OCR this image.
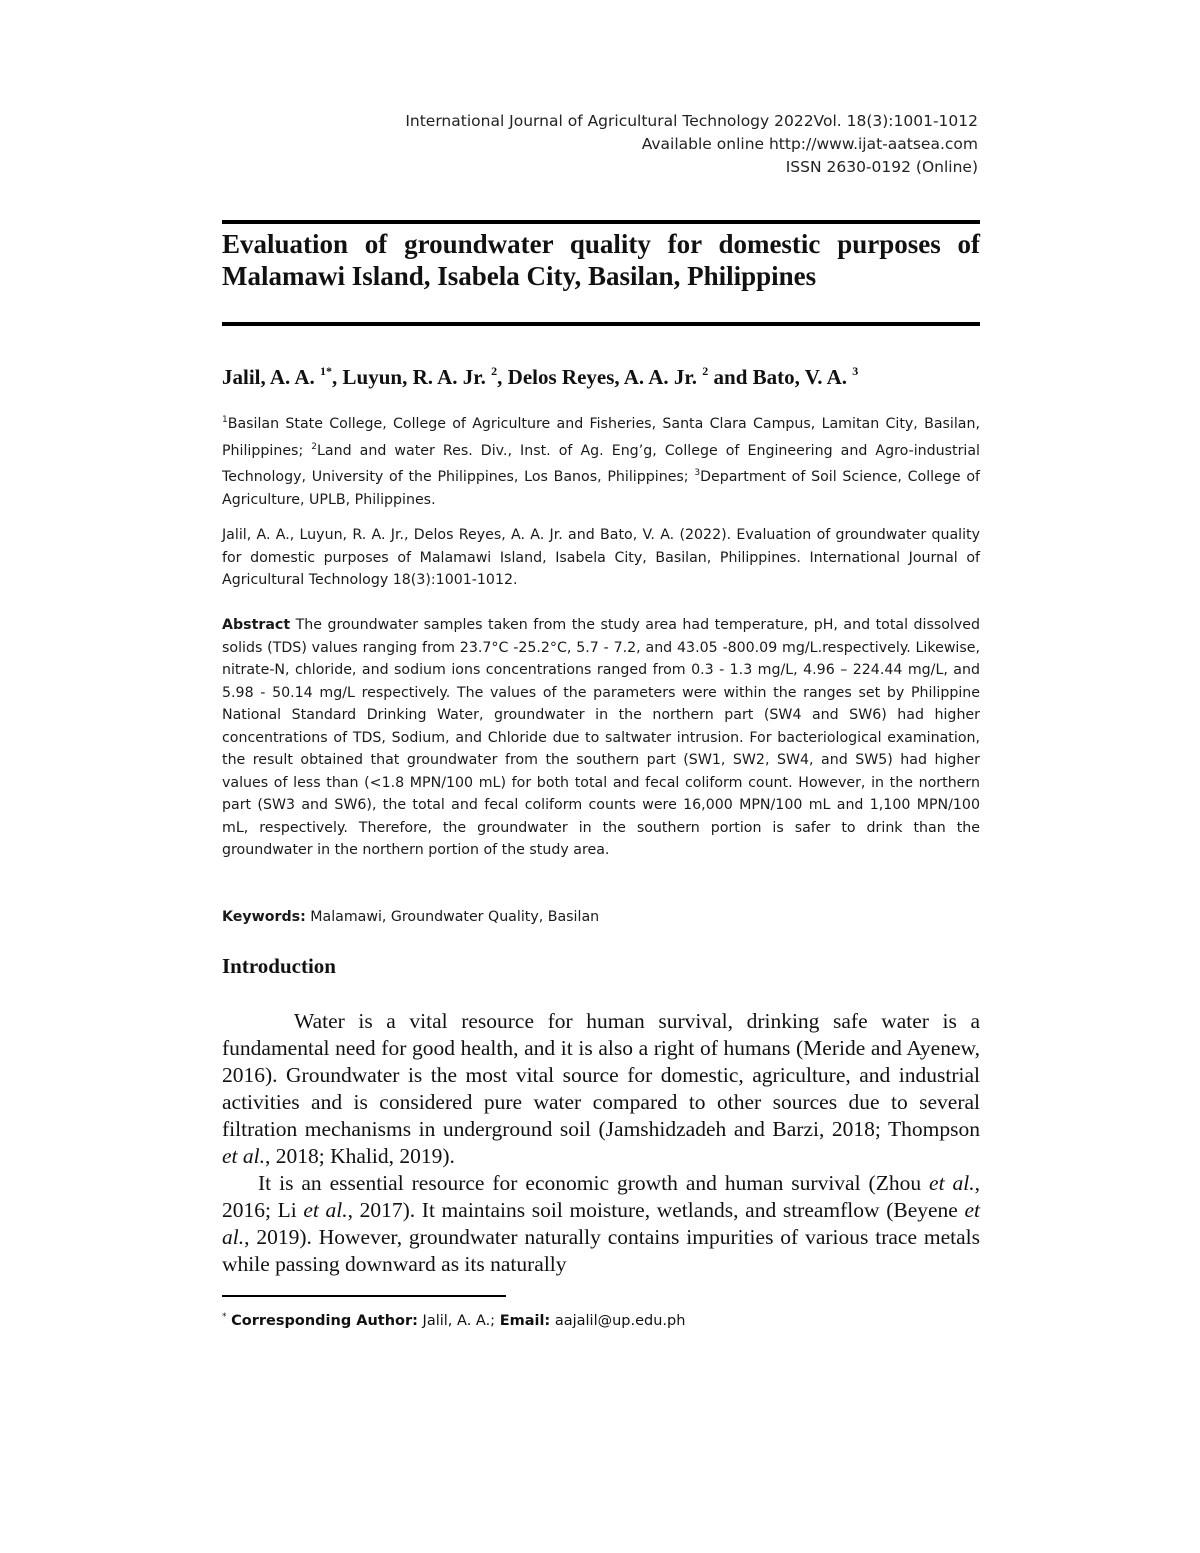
International Journal of Agricultural Technology 2022Vol. 18(3):1001-1012
Available online http://www.ijat-aatsea.com
ISSN 2630-0192 (Online)
Evaluation of groundwater quality for domestic purposes of Malamawi Island, Isabela City, Basilan, Philippines

Jalil, A. A. $^{1*}$, Luyun, R. A. Jr. $^2$, Delos Reyes, A. A. Jr. $^2$ and Bato, V. A. $^3$

$^1$Basilan State College, College of Agriculture and Fisheries, Santa Clara Campus, Lamitan City, Basilan, Philippines; $^2$Land and water Res. Div., Inst. of Ag. Eng’g, College of Engineering and Agro-industrial Technology, University of the Philippines, Los Banos, Philippines; $^3$Department of Soil Science, College of Agriculture, UPLB, Philippines.

Jalil, A. A., Luyun, R. A. Jr., Delos Reyes, A. A. Jr. and Bato, V. A. (2022). Evaluation of groundwater quality for domestic purposes of Malamawi Island, Isabela City, Basilan, Philippines. International Journal of Agricultural Technology 18(3):1001-1012.

Abstract The groundwater samples taken from the study area had temperature, pH, and total dissolved solids (TDS) values ranging from 23.7°C -25.2°C, 5.7 - 7.2, and 43.05 -800.09 mg/L.respectively. Likewise, nitrate-N, chloride, and sodium ions concentrations ranged from 0.3 - 1.3 mg/L, 4.96 – 224.44 mg/L, and 5.98 - 50.14 mg/L respectively. The values of the parameters were within the ranges set by Philippine National Standard Drinking Water, groundwater in the northern part (SW4 and SW6) had higher concentrations of TDS, Sodium, and Chloride due to saltwater intrusion. For bacteriological examination, the result obtained that groundwater from the southern part (SW1, SW2, SW4, and SW5) had higher values of less than (<1.8 MPN/100 mL) for both total and fecal coliform count. However, in the northern part (SW3 and SW6), the total and fecal coliform counts were 16,000 MPN/100 mL and 1,100 MPN/100 mL, respectively. Therefore, the groundwater in the southern portion is safer to drink than the groundwater in the northern portion of the study area.

Keywords: Malamawi, Groundwater Quality, Basilan

Introduction

Water is a vital resource for human survival, drinking safe water is a fundamental need for good health, and it is also a right of humans (Meride and Ayenew, 2016). Groundwater is the most vital source for domestic, agriculture, and industrial activities and is considered pure water compared to other sources due to several filtration mechanisms in underground soil (Jamshidzadeh and Barzi, 2018; Thompson et al., 2018; Khalid, 2019).

It is an essential resource for economic growth and human survival (Zhou et al., 2016; Li et al., 2017). It maintains soil moisture, wetlands, and streamflow (Beyene et al., 2019). However, groundwater naturally contains impurities of various trace metals while passing downward as its naturally

* Corresponding Author: Jalil, A. A.; Email: aajalil@up.edu.ph
